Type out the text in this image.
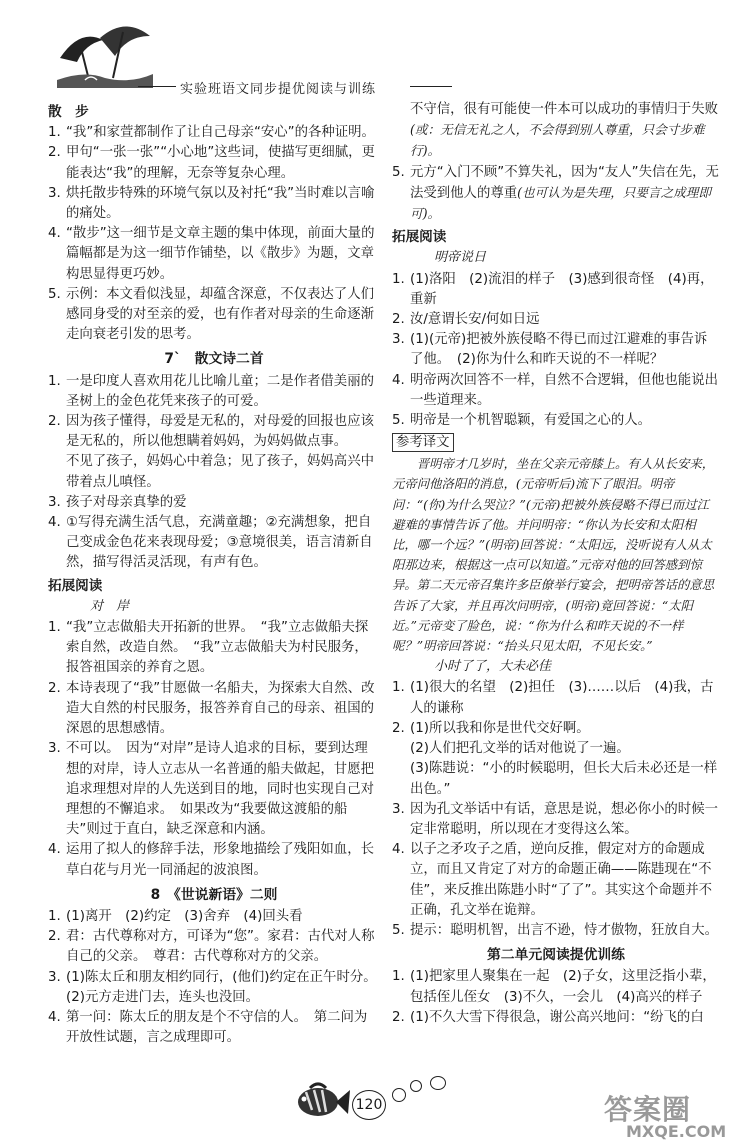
实验班语文同步提优阅读与训练
散　步
1. “我”和家萱都制作了让自己母亲“安心”的各种证明。
2. 甲句“一张一张”“小心地”这些词，使描写更细腻，更能表达“我”的理解，无奈等复杂心理。
3. 烘托散步特殊的环境气氛以及衬托“我”当时难以言喻的痛处。
4. “散步”这一细节是文章主题的集中体现，前面大量的篇幅都是为这一细节作铺垫，以《散步》为题，文章构思显得更巧妙。
5. 示例：本文看似浅显，却蕴含深意，不仅表达了人们感同身受的对至亲的爱，也有作者对母亲的生命逐渐走向衰老引发的思考。
7`　散文诗二首
1. 一是印度人喜欢用花儿比喻儿童；二是作者借美丽的圣树上的金色花凭来孩子的可爱。
2. 因为孩子懂得，母爱是无私的，对母爱的回报也应该是无私的，所以他想瞒着妈妈，为妈妈做点事。
不见了孩子，妈妈心中着急；见了孩子，妈妈高兴中带着点儿嗔怪。
3. 孩子对母亲真挚的爱
4. ①写得充满生活气息，充满童趣；②充满想象，把自己变成金色花来表现母爱；③意境很美，语言清新自然，描写得活灵活现，有声有色。
拓展阅读
对　岸
1. “我”立志做船夫开拓新的世界。　“我”立志做船夫探索自然，改造自然。　“我”立志做船夫为村民服务，报答祖国亲的养育之恩。
2. 本诗表现了“我”甘愿做一名船夫，为探索大自然、改造大自然的村民服务，报答养育自己的母亲、祖国的深恩的思想感情。
3. 不可以。　因为“对岸”是诗人追求的目标，要到达理想的对岸，诗人立志从一名普通的船夫做起，甘愿把追求理想对岸的人先送到目的地，同时也实现自己对理想的不懈追求。　如果改为“我要做这渡船的船夫”则过于直白，缺乏深意和内涵。
4. 运用了拟人的修辞手法，形象地描绘了残阳如血，长草白花与月光一同涌起的波浪图。
8　《世说新语》二则
1. (1)离开　(2)约定　(3)舍弃　(4)回头看
2. 君：古代尊称对方，可译为“您”。家君：古代对人称自己的父亲。　尊君：古代尊称对方的父亲。
3. (1)陈太丘和朋友相约同行，(他们)约定在正午时分。　(2)元方走进门去，连头也没回。
4. 第一问：陈太丘的朋友是个不守信的人。　第二问为开放性试题，言之成理即可。
不守信，很有可能使一件本可以成功的事情归于失败(或：无信无礼之人，不会得到别人尊重，只会寸步难行)。
5. 元方“入门不顾”不算失礼，因为“友人”失信在先，无法受到他人的尊重(也可认为是失理，只要言之成理即可)。
拓展阅读
明帝说日
1. (1)洛阳　(2)流泪的样子　(3)感到很奇怪　(4)再，重新
2. 汝/意谓长安/何如日远
3. (1)(元帝)把被外族侵略不得已而过江避难的事告诉了他。　(2)你为什么和昨天说的不一样呢？
4. 明帝两次回答不一样，自然不合逻辑，但他也能说出一些道理来。
5. 明帝是一个机智聪颖，有爱国之心的人。
参考译文
晋明帝才几岁时，坐在父亲元帝膝上。有人从长安来，元帝问他洛阳的消息，(元帝听后)流下了眼泪。明帝问：“(你)为什么哭泣？”(元帝)把被外族侵略不得已而过江避难的事情告诉了他。并问明帝：“你认为长安和太阳相比，哪一个远？”(明帝)回答说：“太阳远，没听说有人从太阳那边来，根据这一点可以知道。”元帝对他的回答感到惊异。第二天元帝召集许多臣僚举行宴会，把明帝答话的意思告诉了大家，并且再次问明帝，(明帝)竟回答说：“太阳近。”元帝变了脸色，说：“你为什么和昨天说的不一样呢？”明帝回答说：“抬头只见太阳，不见长安。”
小时了了，大未必佳
1. (1)很大的名望　(2)担任　(3)……以后　(4)我，古人的谦称
2. (1)所以我和你是世代交好啊。
(2)人们把孔文举的话对他说了一遍。
(3)陈韪说：“小的时候聪明，但长大后未必还是一样出色。”
3. 因为孔文举话中有话，意思是说，想必你小的时候一定非常聪明，所以现在才变得这么笨。
4. 以子之矛攻子之盾，逆向反推，假定对方的命题成立，而且又肯定了对方的命题正确——陈韪现在“不佳”，来反推出陈韪小时“了了”。其实这个命题并不正确，孔文举在诡辩。
5. 提示：聪明机智，出言不逊，恃才傲物，狂放自大。
第二单元阅读提优训练
1. (1)把家里人聚集在一起　(2)子女，这里泛指小辈，包括侄儿侄女　(3)不久，一会儿　(4)高兴的样子
2. (1)不久大雪下得很急，谢公高兴地问：“纷飞的白
120	答案圈
MXQE.COM
